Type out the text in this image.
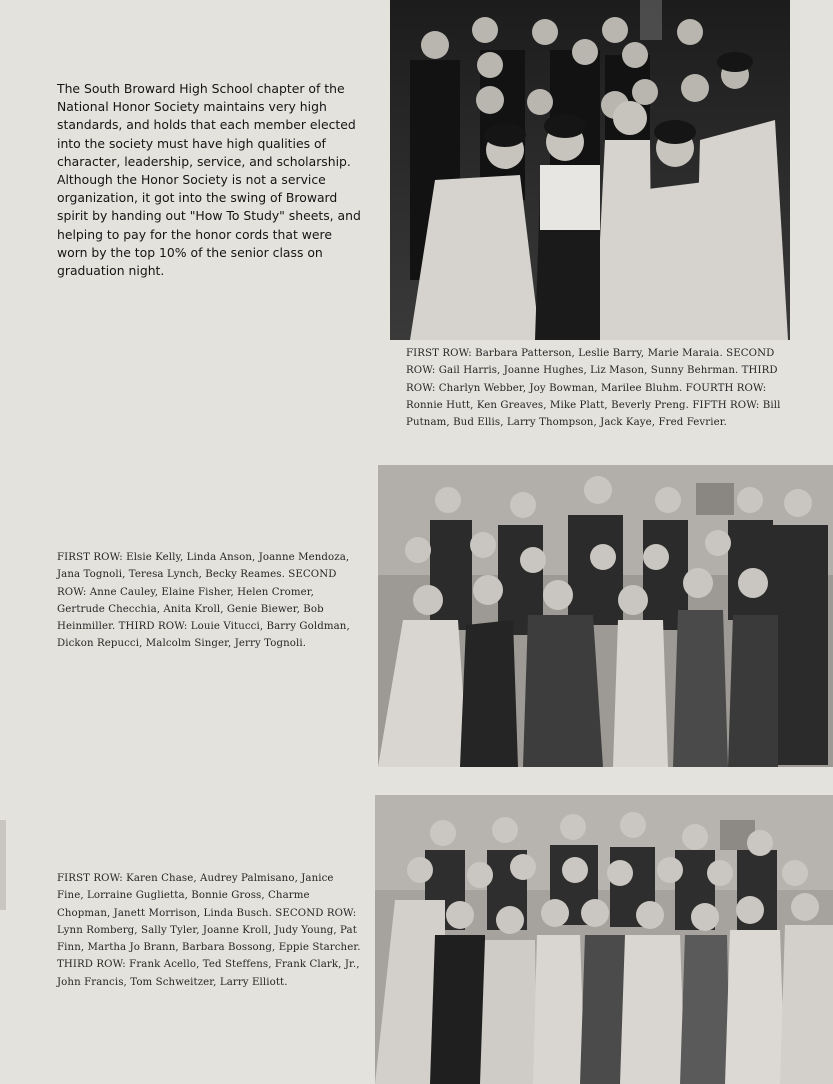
The South Broward High School chapter of the National Honor Society maintains very high standards, and holds that each member elected into the society must have high qualities of character, leadership, service, and scholarship. Although the Honor Society is not a service organization, it got into the swing of Broward spirit by handing out "How To Study" sheets, and helping to pay for the honor cords that were worn by the top 10% of the senior class on graduation night.

FIRST ROW: Barbara Patterson, Leslie Barry, Marie Maraia. SECOND ROW: Gail Harris, Joanne Hughes, Liz Mason, Sunny Behrman. THIRD ROW: Charlyn Webber, Joy Bowman, Marilee Bluhm. FOURTH ROW: Ronnie Hutt, Ken Greaves, Mike Platt, Beverly Preng. FIFTH ROW: Bill Putnam, Bud Ellis, Larry Thompson, Jack Kaye, Fred Fevrier.

FIRST ROW: Elsie Kelly, Linda Anson, Joanne Mendoza, Jana Tognoli, Teresa Lynch, Becky Reames. SECOND ROW: Anne Cauley, Elaine Fisher, Helen Cromer, Gertrude Checchia, Anita Kroll, Genie Biewer, Bob Heinmiller. THIRD ROW: Louie Vitucci, Barry Goldman, Dickon Repucci, Malcolm Singer, Jerry Tognoli.

FIRST ROW: Karen Chase, Audrey Palmisano, Janice Fine, Lorraine Guglietta, Bonnie Gross, Charme Chopman, Janett Morrison, Linda Busch. SECOND ROW: Lynn Romberg, Sally Tyler, Joanne Kroll, Judy Young, Pat Finn, Martha Jo Brann, Barbara Bossong, Eppie Starcher. THIRD ROW: Frank Acello, Ted Steffens, Frank Clark, Jr., John Francis, Tom Schweitzer, Larry Elliott.
